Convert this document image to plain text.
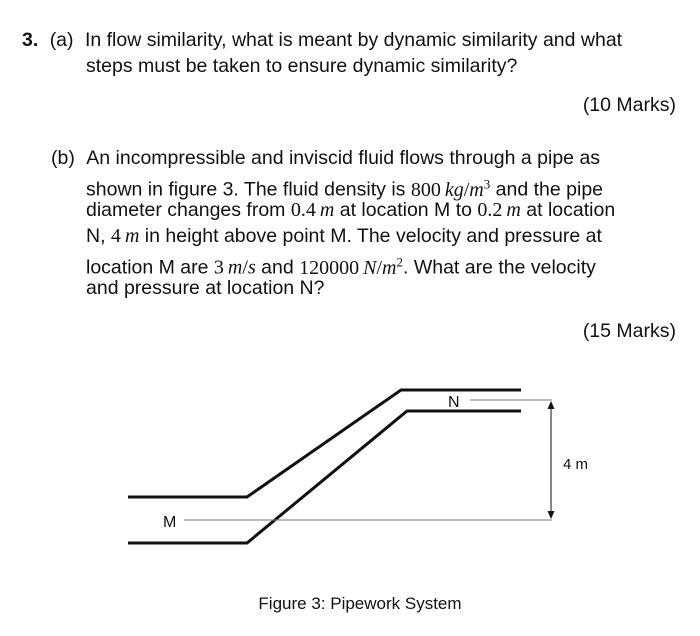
3. (a) In flow similarity, what is meant by dynamic similarity and what
steps must be taken to ensure dynamic similarity?
(10 Marks)
(b) An incompressible and inviscid fluid flows through a pipe as
shown in figure 3. The fluid density is 800  $kg/m^3$ and the pipe
diameter changes from 0.4  m at location M to 0.2  m at location
N, 4  m in height above point M. The velocity and pressure at
location M are 3  m/s and 120000  $N/m^2$. What are the velocity
and pressure at location N?
(15 Marks)
N
M
4 m
Figure 3: Pipework System
